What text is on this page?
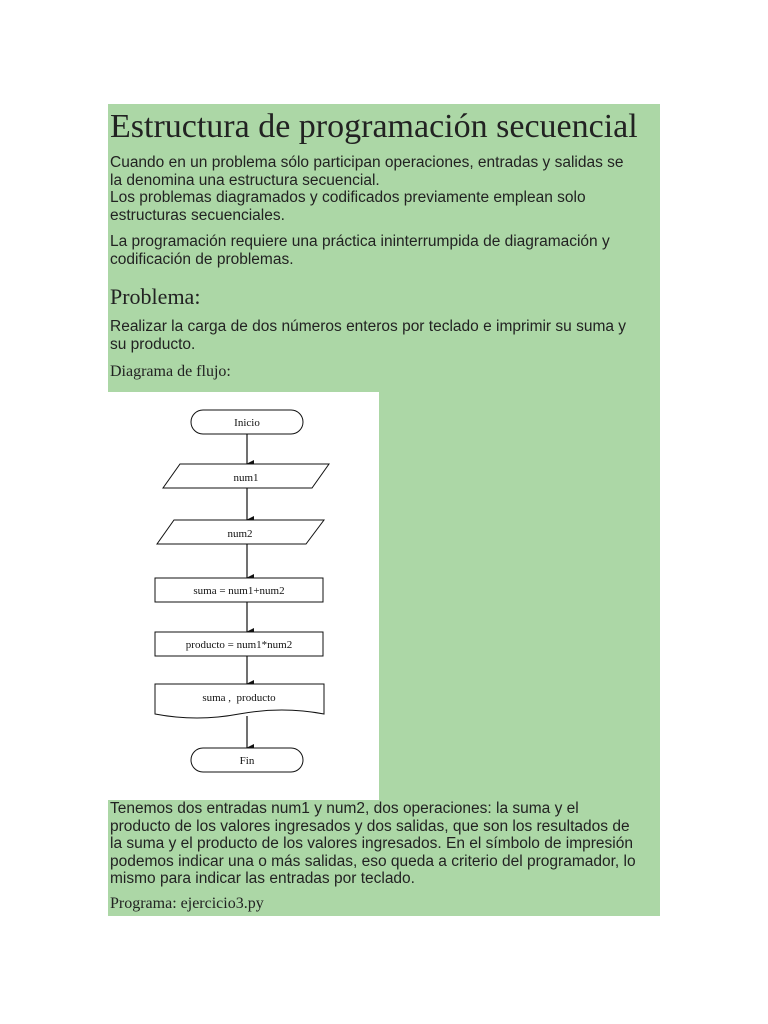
Estructura de programación secuencial
Cuando en un problema sólo participan operaciones, entradas y salidas se
la denomina una estructura secuencial.
Los problemas diagramados y codificados previamente emplean solo
estructuras secuenciales.
La programación requiere una práctica ininterrumpida de diagramación y
codificación de problemas.
Problema:
Realizar la carga de dos números enteros por teclado e imprimir su suma y
su producto.
Diagrama de flujo:
Inicio
num1
num2
suma = num1+num2
producto = num1*num2
suma ,  producto
Fin
Tenemos dos entradas num1 y num2, dos operaciones: la suma y el
producto de los valores ingresados y dos salidas, que son los resultados de
la suma y el producto de los valores ingresados. En el símbolo de impresión
podemos indicar una o más salidas, eso queda a criterio del programador, lo
mismo para indicar las entradas por teclado.
Programa: ejercicio3.py
